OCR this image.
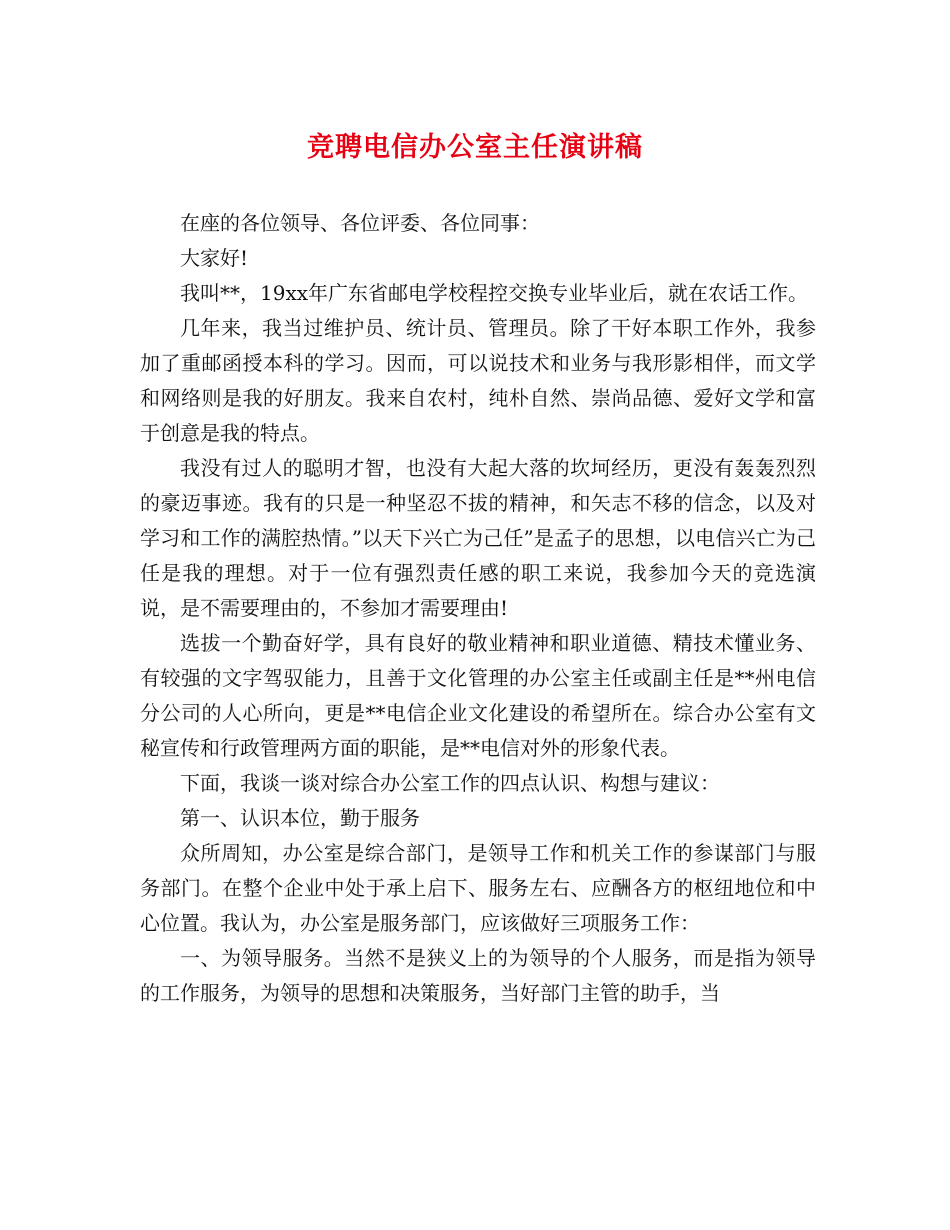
竞聘电信办公室主任演讲稿

在座的各位领导、各位评委、各位同事：

大家好!

我叫**，19xx年广东省邮电学校程控交换专业毕业后，就在农话工作。

几年来，我当过维护员、统计员、管理员。除了干好本职工作外，我参加了重邮函授本科的学习。因而，可以说技术和业务与我形影相伴，而文学和网络则是我的好朋友。我来自农村，纯朴自然、崇尚品德、爱好文学和富于创意是我的特点。

我没有过人的聪明才智，也没有大起大落的坎坷经历，更没有轰轰烈烈的豪迈事迹。我有的只是一种坚忍不拔的精神，和矢志不移的信念，以及对学习和工作的满腔热情。”以天下兴亡为己任”是孟子的思想，以电信兴亡为己任是我的理想。对于一位有强烈责任感的职工来说，我参加今天的竞选演说，是不需要理由的，不参加才需要理由!

选拔一个勤奋好学，具有良好的敬业精神和职业道德、精技术懂业务、有较强的文字驾驭能力，且善于文化管理的办公室主任或副主任是**州电信分公司的人心所向，更是**电信企业文化建设的希望所在。综合办公室有文秘宣传和行政管理两方面的职能，是**电信对外的形象代表。

下面，我谈一谈对综合办公室工作的四点认识、构想与建议：

第一、认识本位，勤于服务

众所周知，办公室是综合部门，是领导工作和机关工作的参谋部门与服务部门。在整个企业中处于承上启下、服务左右、应酬各方的枢纽地位和中心位置。我认为，办公室是服务部门，应该做好三项服务工作：

一、为领导服务。当然不是狭义上的为领导的个人服务，而是指为领导的工作服务，为领导的思想和决策服务，当好部门主管的助手，当
